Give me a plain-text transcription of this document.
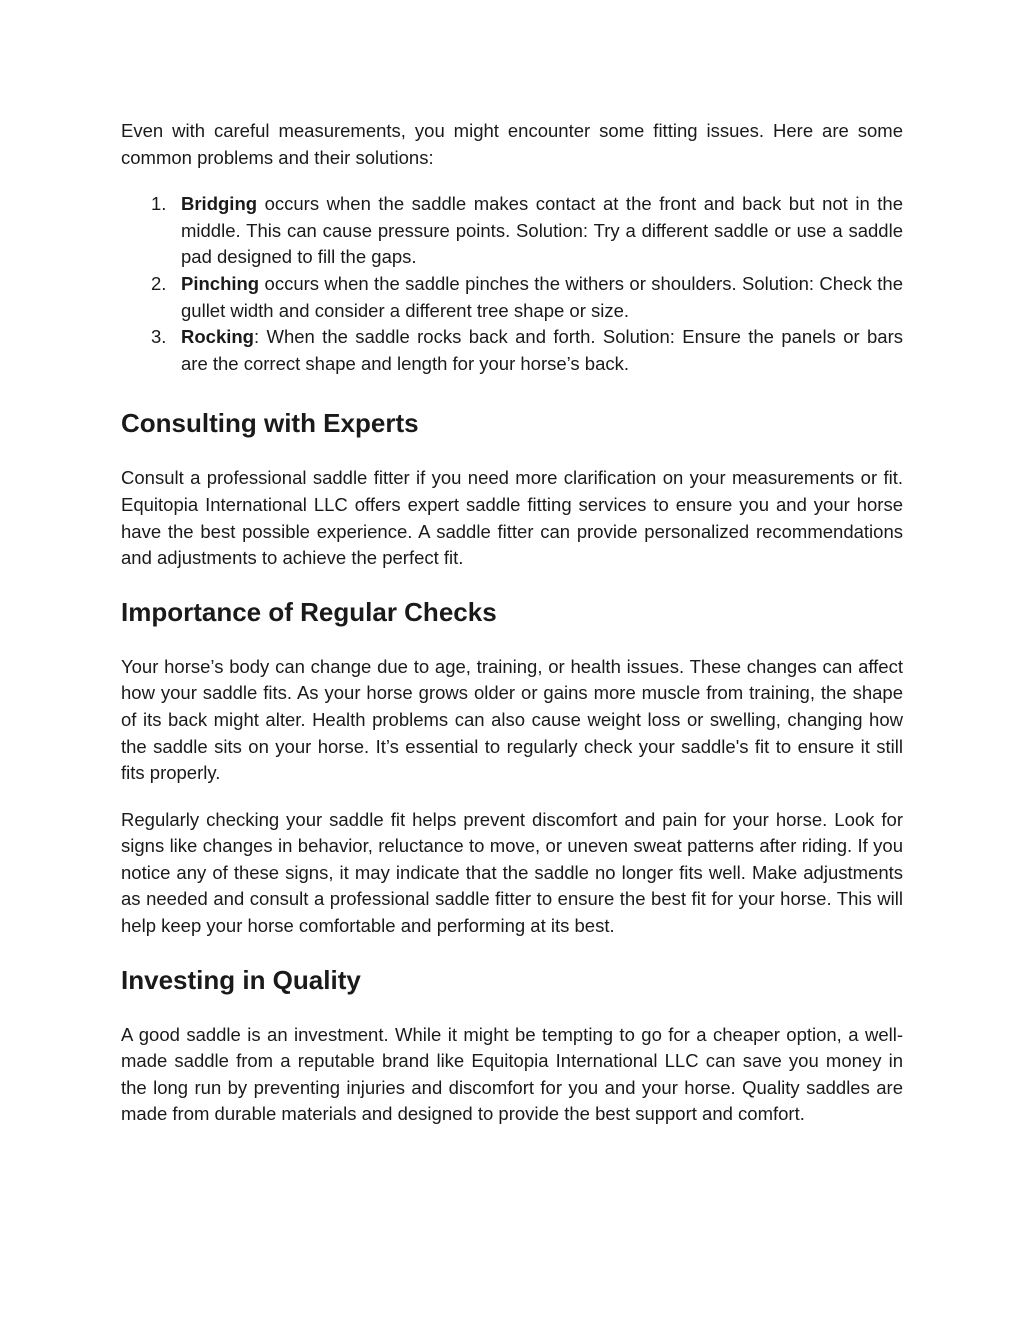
Even with careful measurements, you might encounter some fitting issues. Here are some common problems and their solutions:

1. Bridging occurs when the saddle makes contact at the front and back but not in the middle. This can cause pressure points. Solution: Try a different saddle or use a saddle pad designed to fill the gaps.
2. Pinching occurs when the saddle pinches the withers or shoulders. Solution: Check the gullet width and consider a different tree shape or size.
3. Rocking: When the saddle rocks back and forth. Solution: Ensure the panels or bars are the correct shape and length for your horse’s back.
Consulting with Experts

Consult a professional saddle fitter if you need more clarification on your measurements or fit. Equitopia International LLC offers expert saddle fitting services to ensure you and your horse have the best possible experience. A saddle fitter can provide personalized recommendations and adjustments to achieve the perfect fit.

Importance of Regular Checks

Your horse’s body can change due to age, training, or health issues. These changes can affect how your saddle fits. As your horse grows older or gains more muscle from training, the shape of its back might alter. Health problems can also cause weight loss or swelling, changing how the saddle sits on your horse. It’s essential to regularly check your saddle's fit to ensure it still fits properly.

Regularly checking your saddle fit helps prevent discomfort and pain for your horse. Look for signs like changes in behavior, reluctance to move, or uneven sweat patterns after riding. If you notice any of these signs, it may indicate that the saddle no longer fits well. Make adjustments as needed and consult a professional saddle fitter to ensure the best fit for your horse. This will help keep your horse comfortable and performing at its best.

Investing in Quality

A good saddle is an investment. While it might be tempting to go for a cheaper option, a well-made saddle from a reputable brand like Equitopia International LLC can save you money in the long run by preventing injuries and discomfort for you and your horse. Quality saddles are made from durable materials and designed to provide the best support and comfort.
